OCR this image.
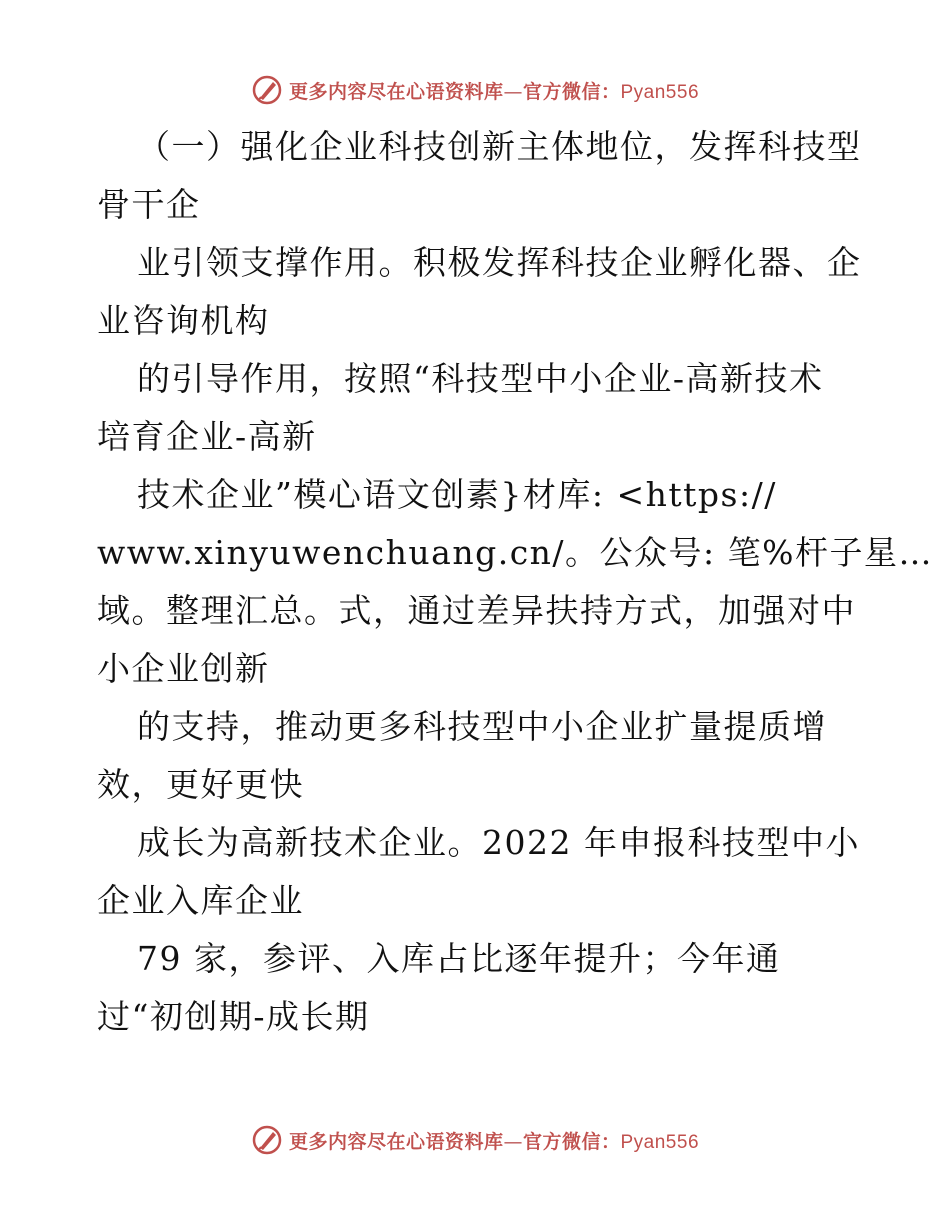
更多内容尽在心语资料库—官方微信：Pyan556
（一）强化企业科技创新主体地位，发挥科技型
骨干企
业引领支撑作用。积极发挥科技企业孵化器、企
业咨询机构
的引导作用，按照“科技型中小企业-高新技术
培育企业-高新
技术企业”模心语文创素}材库: <https://
www.xinyuwenchuang.cn/。公众号: 笔%杆子星…
域。整理汇总。式，通过差异扶持方式，加强对中
小企业创新
的支持，推动更多科技型中小企业扩量提质增
效，更好更快
成长为高新技术企业。2022 年申报科技型中小
企业入库企业
79 家，参评、入库占比逐年提升；今年通
过“初创期-成长期
更多内容尽在心语资料库—官方微信：Pyan556
